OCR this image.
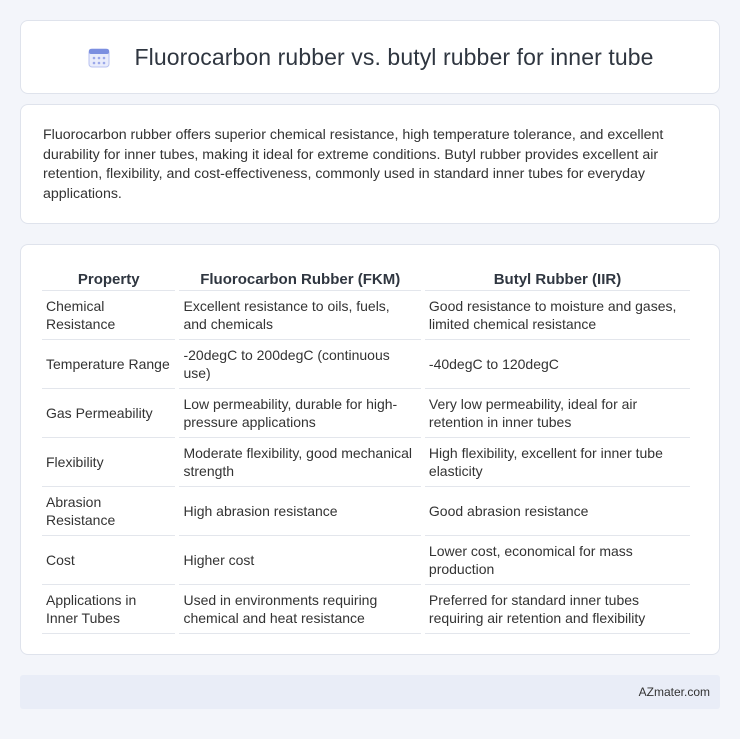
Fluorocarbon rubber vs. butyl rubber for inner tube

Fluorocarbon rubber offers superior chemical resistance, high temperature tolerance, and excellent durability for inner tubes, making it ideal for extreme conditions. Butyl rubber provides excellent air retention, flexibility, and cost-effectiveness, commonly used in standard inner tubes for everyday applications.

Property	Fluorocarbon Rubber (FKM)	Butyl Rubber (IIR)
Chemical Resistance	Excellent resistance to oils, fuels, and chemicals	Good resistance to moisture and gases, limited chemical resistance
Temperature Range	-20degC to 200degC (continuous use)	-40degC to 120degC
Gas Permeability	Low permeability, durable for high-pressure applications	Very low permeability, ideal for air retention in inner tubes
Flexibility	Moderate flexibility, good mechanical strength	High flexibility, excellent for inner tube elasticity
Abrasion Resistance	High abrasion resistance	Good abrasion resistance
Cost	Higher cost	Lower cost, economical for mass production
Applications in Inner Tubes	Used in environments requiring chemical and heat resistance	Preferred for standard inner tubes requiring air retention and flexibility
AZmater.com
